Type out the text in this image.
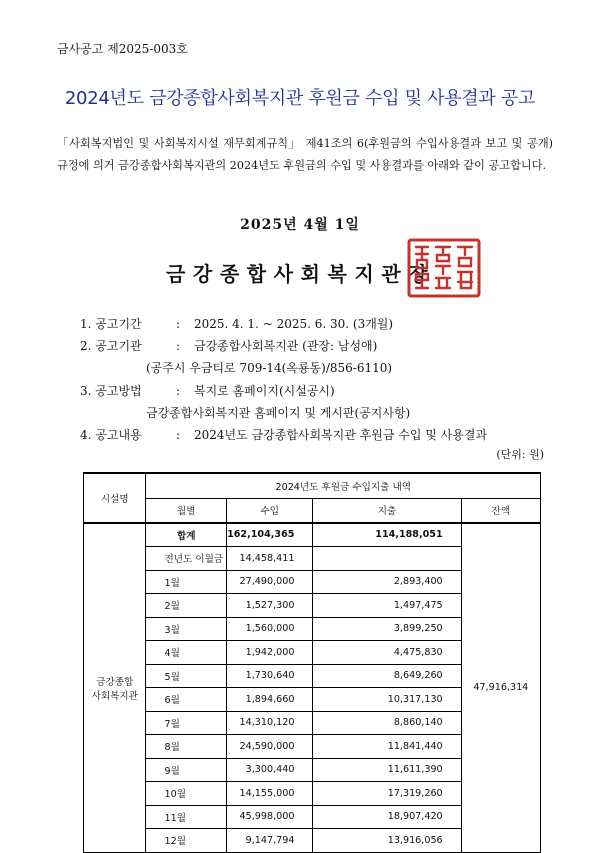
금사공고 제2025-003호
2024년도 금강종합사회복지관 후원금 수입 및 사용결과 공고
「사회복지법인 및 사회복지시설 재무회계규칙」 제41조의 6(후원금의 수입사용결과 보고 및 공개) 규정에 의거 금강종합사회복지관의 2024년도 후원금의 수입 및 사용결과를 아래와 같이 공고합니다.
2025년 4월 1일
금강종합사회복지관장
1. 공고기간	:	2025. 4. 1. ~ 2025. 6. 30. (3개월)
2. 공고기관	:	금강종합사회복지관 (관장: 남성애)
(공주시 우금티로 709-14(옥룡동)/856-6110)
3. 공고방법	:	복지로 홈페이지(시설공시)
금강종합사회복지관 홈페이지 및 게시판(공지사항)
4. 공고내용	:	2024년도 금강종합사회복지관 후원금 수입 및 사용결과
(단위: 원)
시설명	2024년도 후원금 수입지출 내역			
	월별	수입	지출	잔액
금강종합
사회복지관	합계	162,104,365	114,188,051	47,916,314
	전년도 이월금	14,458,411		
	1월	27,490,000	2,893,400	
	2월	1,527,300	1,497,475	
	3월	1,560,000	3,899,250	
	4월	1,942,000	4,475,830	
	5월	1,730,640	8,649,260	
	6월	1,894,660	10,317,130	
	7월	14,310,120	8,860,140	
	8월	24,590,000	11,841,440	
	9월	3,300,440	11,611,390	
	10월	14,155,000	17,319,260	
	11월	45,998,000	18,907,420	
	12월	9,147,794	13,916,056	
